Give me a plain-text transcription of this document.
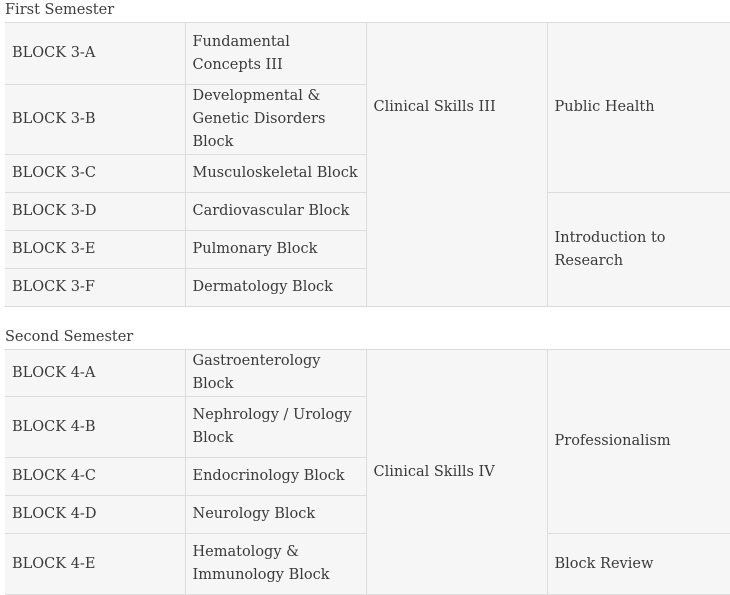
First Semester
BLOCK 3-A	Fundamental Concepts III	Clinical Skills III	Public Health
BLOCK 3-B	Developmental & Genetic Disorders Block		
BLOCK 3-C	Musculoskeletal Block		
BLOCK 3-D	Cardiovascular Block		Introduction to Research
BLOCK 3-E	Pulmonary Block		
BLOCK 3-F	Dermatology Block		
Second Semester
BLOCK 4-A	Gastroenterology Block	Clinical Skills IV	Professionalism
BLOCK 4-B	Nephrology / Urology Block		
BLOCK 4-C	Endocrinology Block		
BLOCK 4-D	Neurology Block		
BLOCK 4-E	Hematology & Immunology Block		Block Review
